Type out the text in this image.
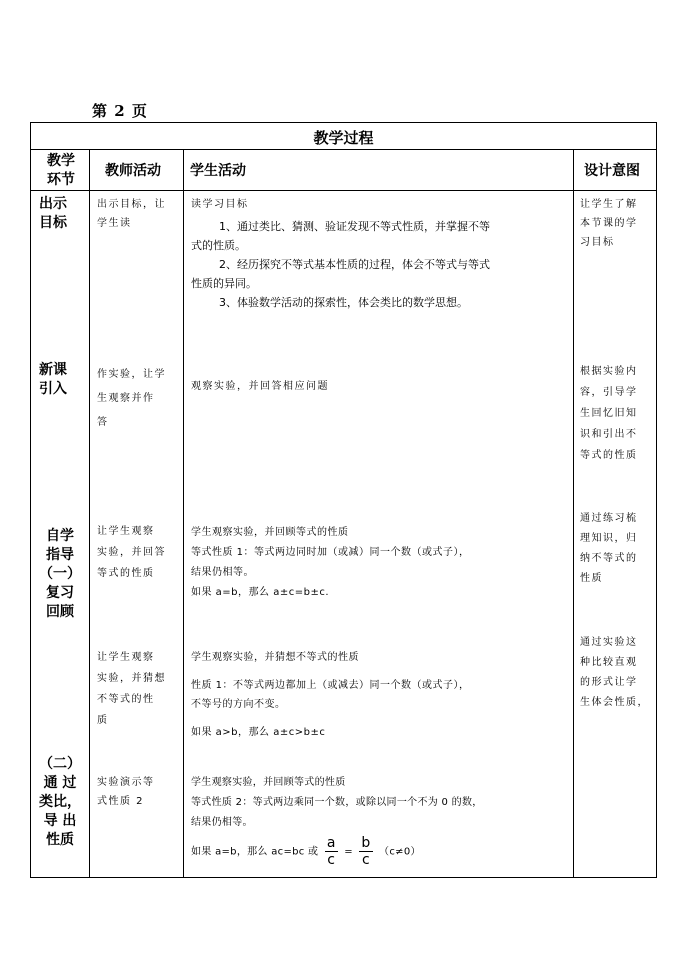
第 2 页
教学过程
教学
环节
教师活动 学生活动	设计意图
出示
目标
出示目标，让
学生读
读学习目标
1、通过类比、猜测、验证发现不等式性质，并掌握不等
式的性质。
2、经历探究不等式基本性质的过程，体会不等式与等式
性质的异同。
3、体验数学活动的探索性，体会类比的数学思想。
让学生了解
本节课的学
习目标
新课
引入
作实验，让学
生观察并作
答
观察实验，并回答相应问题
根据实验内
容，引导学
生回忆旧知
识和引出不
等式的性质
自学
指导
（一）
复习
回顾
让学生观察
实验，并回答
等式的性质
学生观察实验，并回顾等式的性质
等式性质 1：等式两边同时加（或减）同一个数（或式子），
结果仍相等。
如果 a=b，那么 a±c=b±c.
通过练习梳
理知识，归
纳不等式的
性质
让学生观察
实验，并猜想
不等式的性
质
学生观察实验，并猜想不等式的性质
性质 1：不等式两边都加上（或减去）同一个数（或式子），
不等号的方向不变。
如果 a>b，那么 a±c>b±c
通过实验这
种比较直观
的形式让学
生体会性质，
（二）
通 过
类比，
导 出
性质
实验演示等
式性质 2
学生观察实验，并回顾等式的性质
等式性质 2：等式两边乘同一个数，或除以同一个不为 0 的数，
结果仍相等。
如果 a=b，那么 ac=bc 或 $\frac{a}{c} = \frac{b}{c} (c\ne 0)$
